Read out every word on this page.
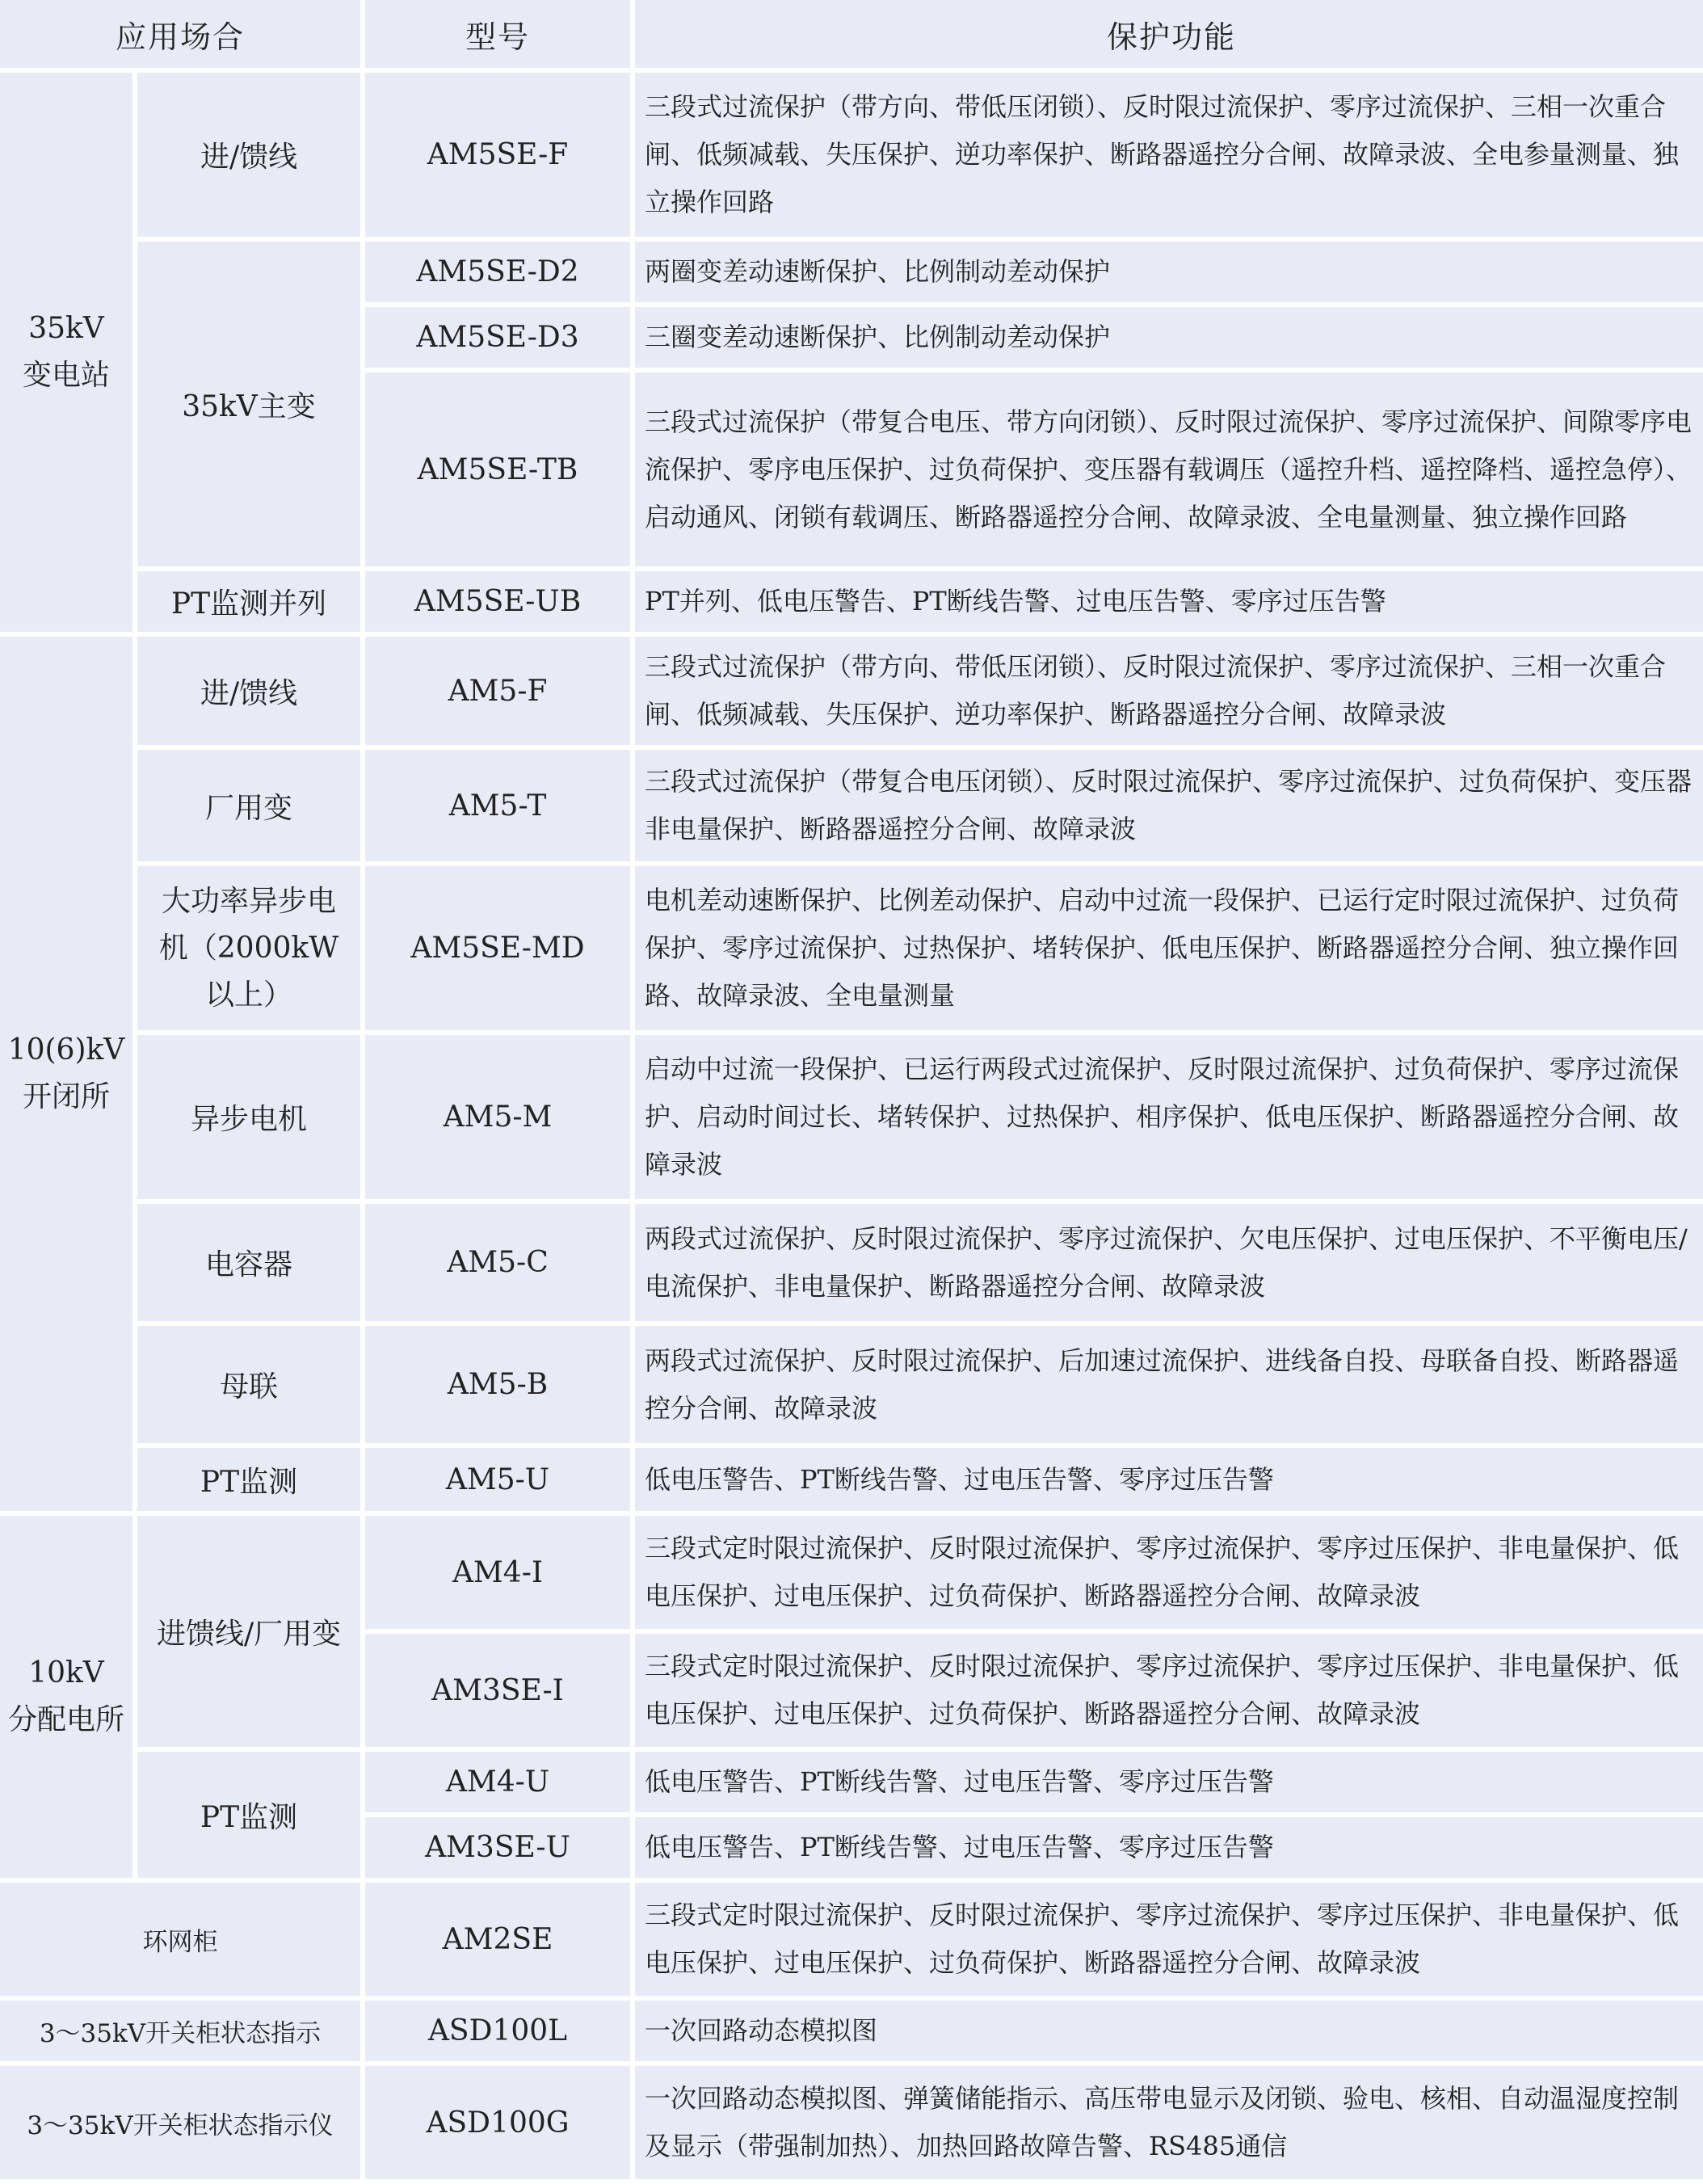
应用场合		型号	保护功能
35kV
变电站	进/馈线	AM5SE-F	三段式过流保护（带方向、带低压闭锁）、反时限过流保护、零序过流保护、三相一次重合闸、低频减载、失压保护、逆功率保护、断路器遥控分合闸、故障录波、全电参量测量、独立操作回路
	35kV主变	AM5SE-D2	两圈变差动速断保护、比例制动差动保护
		AM5SE-D3	三圈变差动速断保护、比例制动差动保护
		AM5SE-TB	三段式过流保护（带复合电压、带方向闭锁）、反时限过流保护、零序过流保护、间隙零序电流保护、零序电压保护、过负荷保护、变压器有载调压（遥控升档、遥控降档、遥控急停）、启动通风、闭锁有载调压、断路器遥控分合闸、故障录波、全电量测量、独立操作回路
	PT监测并列	AM5SE-UB	PT并列、低电压警告、PT断线告警、过电压告警、零序过压告警
10(6)kV
开闭所	进/馈线	AM5-F	三段式过流保护（带方向、带低压闭锁）、反时限过流保护、零序过流保护、三相一次重合闸、低频减载、失压保护、逆功率保护、断路器遥控分合闸、故障录波
	厂用变	AM5-T	三段式过流保护（带复合电压闭锁）、反时限过流保护、零序过流保护、过负荷保护、变压器非电量保护、断路器遥控分合闸、故障录波
	大功率异步电机（2000kW以上）	AM5SE-MD	电机差动速断保护、比例差动保护、启动中过流一段保护、已运行定时限过流保护、过负荷保护、零序过流保护、过热保护、堵转保护、低电压保护、断路器遥控分合闸、独立操作回路、故障录波、全电量测量
	异步电机	AM5-M	启动中过流一段保护、已运行两段式过流保护、反时限过流保护、过负荷保护、零序过流保护、启动时间过长、堵转保护、过热保护、相序保护、低电压保护、断路器遥控分合闸、故障录波
	电容器	AM5-C	两段式过流保护、反时限过流保护、零序过流保护、欠电压保护、过电压保护、不平衡电压/电流保护、非电量保护、断路器遥控分合闸、故障录波
	母联	AM5-B	两段式过流保护、反时限过流保护、后加速过流保护、进线备自投、母联备自投、断路器遥控分合闸、故障录波
	PT监测	AM5-U	低电压警告、PT断线告警、过电压告警、零序过压告警
10kV
分配电所	进馈线/厂用变	AM4-I	三段式定时限过流保护、反时限过流保护、零序过流保护、零序过压保护、非电量保护、低电压保护、过电压保护、过负荷保护、断路器遥控分合闸、故障录波
		AM3SE-I	三段式定时限过流保护、反时限过流保护、零序过流保护、零序过压保护、非电量保护、低电压保护、过电压保护、过负荷保护、断路器遥控分合闸、故障录波
	PT监测	AM4-U	低电压警告、PT断线告警、过电压告警、零序过压告警
		AM3SE-U	低电压警告、PT断线告警、过电压告警、零序过压告警
环网柜		AM2SE	三段式定时限过流保护、反时限过流保护、零序过流保护、零序过压保护、非电量保护、低电压保护、过电压保护、过负荷保护、断路器遥控分合闸、故障录波
3～35kV开关柜状态指示		ASD100L	一次回路动态模拟图
3～35kV开关柜状态指示仪		ASD100G	一次回路动态模拟图、弹簧储能指示、高压带电显示及闭锁、验电、核相、自动温湿度控制及显示（带强制加热）、加热回路故障告警、RS485通信
